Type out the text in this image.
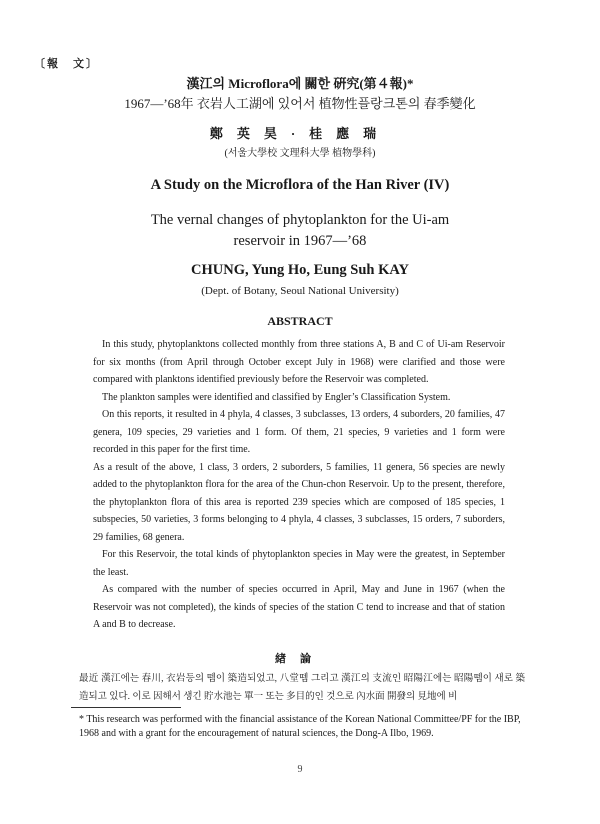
〔報　文〕
漢江의 Microflora에 關한 硏究(第４報)*
1967—’68年 衣岩人工湖에 있어서 植物性플랑크톤의 春季變化
鄭英昊·桂應瑞
(서울大學校 文理科大學 植物學科)
A Study on the Microflora of the Han River (IV)
The vernal changes of phytoplankton for the Ui-am
reservoir in 1967—’68
CHUNG, Yung Ho, Eung Suh KAY
(Dept. of Botany, Seoul National University)
ABSTRACT

In this study, phytoplanktons collected monthly from three stations A, B and C of Ui-am Reservoir for six months (from April through October except July in 1968) were clarified and those were compared with planktons identified previously before the Reservoir was completed.

The plankton samples were identified and classified by Engler’s Classification System.

On this reports, it resulted in 4 phyla, 4 classes, 3 subclasses, 13 orders, 4 suborders, 20 families, 47 genera, 109 species, 29 varieties and 1 form. Of them, 21 species, 9 varieties and 1 form were recorded in this paper for the first time.

As a result of the above, 1 class, 3 orders, 2 suborders, 5 families, 11 genera, 56 species are newly added to the phytoplankton flora for the area of the Chun-chon Reservoir. Up to the present, therefore, the phytoplankton flora of this area is reported 239 species which are composed of 185 species, 1 subspecies, 50 varieties, 3 forms belonging to 4 phyla, 4 classes, 3 subclasses, 15 orders, 7 suborders, 29 families, 68 genera.

For this Reservoir, the total kinds of phytoplankton species in May were the greatest, in September the least.

As compared with the number of species occurred in April, May and June in 1967 (when the Reservoir was not completed), the kinds of species of the station C tend to increase and that of station A and B to decrease.

緖論

最近 漢江에는 春川, 衣岩등의 뗌이 築造되었고, 八堂뗌 그리고 漢江의 支流인 昭陽江에는 昭陽뗌이 새로 築造되고 있다. 이로 因해서 생긴 貯水池는 單一 또는 多目的인 것으로 內水面 開發의 見地에 비

* This research was performed with the financial assistance of the Korean National Committee/PF for the IBP, 1968 and with a grant for the encouragement of natural sciences, the Dong-A Ilbo, 1969.

9
